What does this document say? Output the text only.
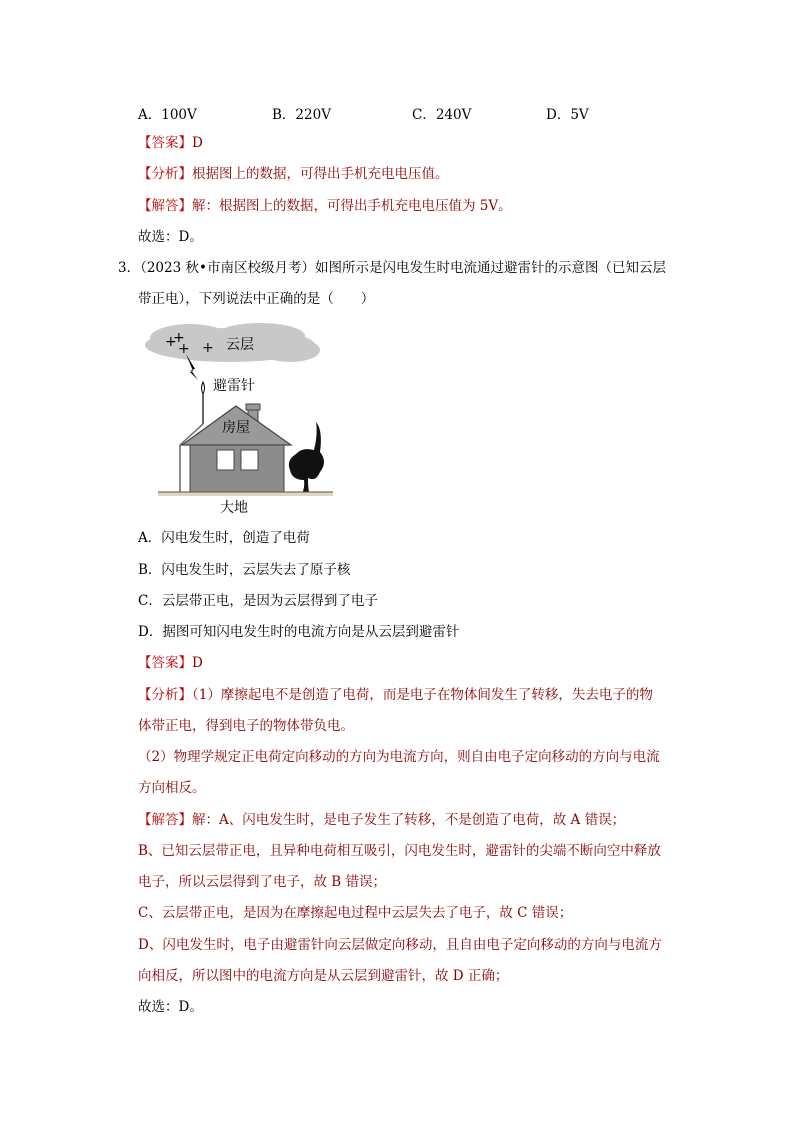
A．100V	B．220V	C．240V	D．5V
【答案】D
【分析】根据图上的数据，可得出手机充电电压值。
【解答】解：根据图上的数据，可得出手机充电电压值为 5V。
故选：D。
3．（2023 秋•市南区校级月考）如图所示是闪电发生时电流通过避雷针的示意图（已知云层
带正电），下列说法中正确的是（　　）
+
+
+ + 云层
避雷针
房屋
大地
A．闪电发生时，创造了电荷
B．闪电发生时，云层失去了原子核
C．云层带正电，是因为云层得到了电子
D．据图可知闪电发生时的电流方向是从云层到避雷针
【答案】D
【分析】（1）摩擦起电不是创造了电荷，而是电子在物体间发生了转移，失去电子的物
体带正电，得到电子的物体带负电。
（2）物理学规定正电荷定向移动的方向为电流方向，则自由电子定向移动的方向与电流
方向相反。
【解答】解：A、闪电发生时，是电子发生了转移，不是创造了电荷，故 A 错误；
B、已知云层带正电，且异种电荷相互吸引，闪电发生时，避雷针的尖端不断向空中释放
电子，所以云层得到了电子，故 B 错误；
C、云层带正电，是因为在摩擦起电过程中云层失去了电子，故 C 错误；
D、闪电发生时，电子由避雷针向云层做定向移动，且自由电子定向移动的方向与电流方
向相反，所以图中的电流方向是从云层到避雷针，故 D 正确；
故选：D。
